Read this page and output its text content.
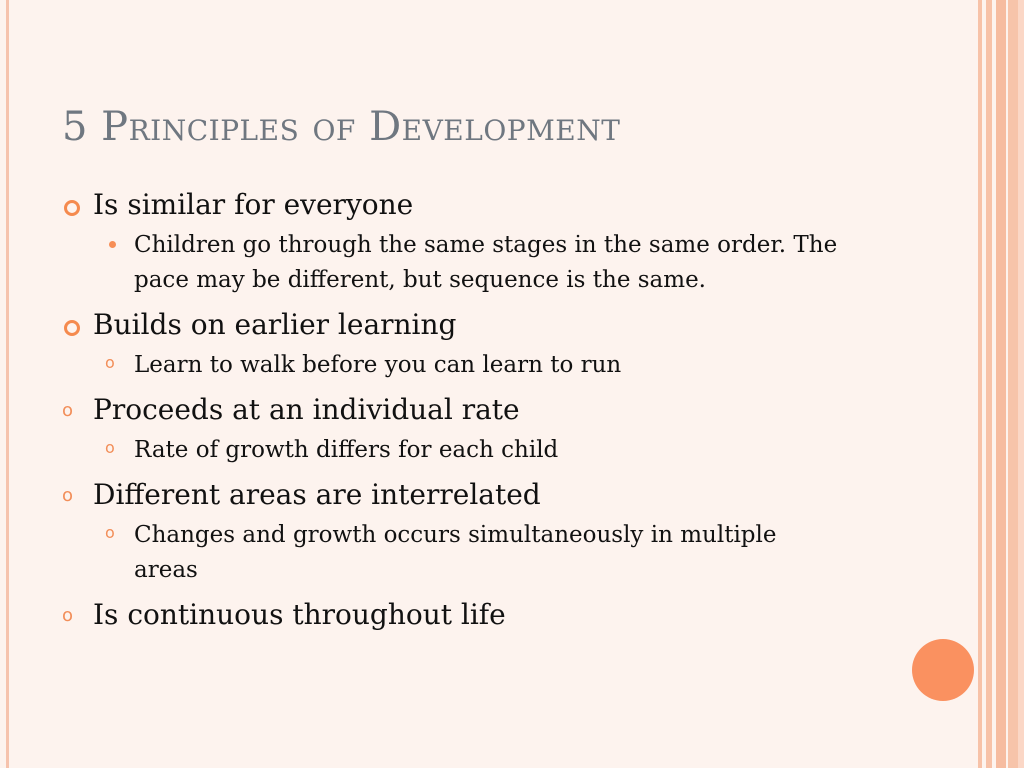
5 Principles of Development
Is similar for everyone
Children go through the same stages in the same order. The pace may be different, but sequence is the same.
Builds on earlier learning
o Learn to walk before you can learn to run
o Proceeds at an individual rate
o Rate of growth differs for each child
o Different areas are interrelated
o Changes and growth occurs simultaneously in multiple areas
o Is continuous throughout life
